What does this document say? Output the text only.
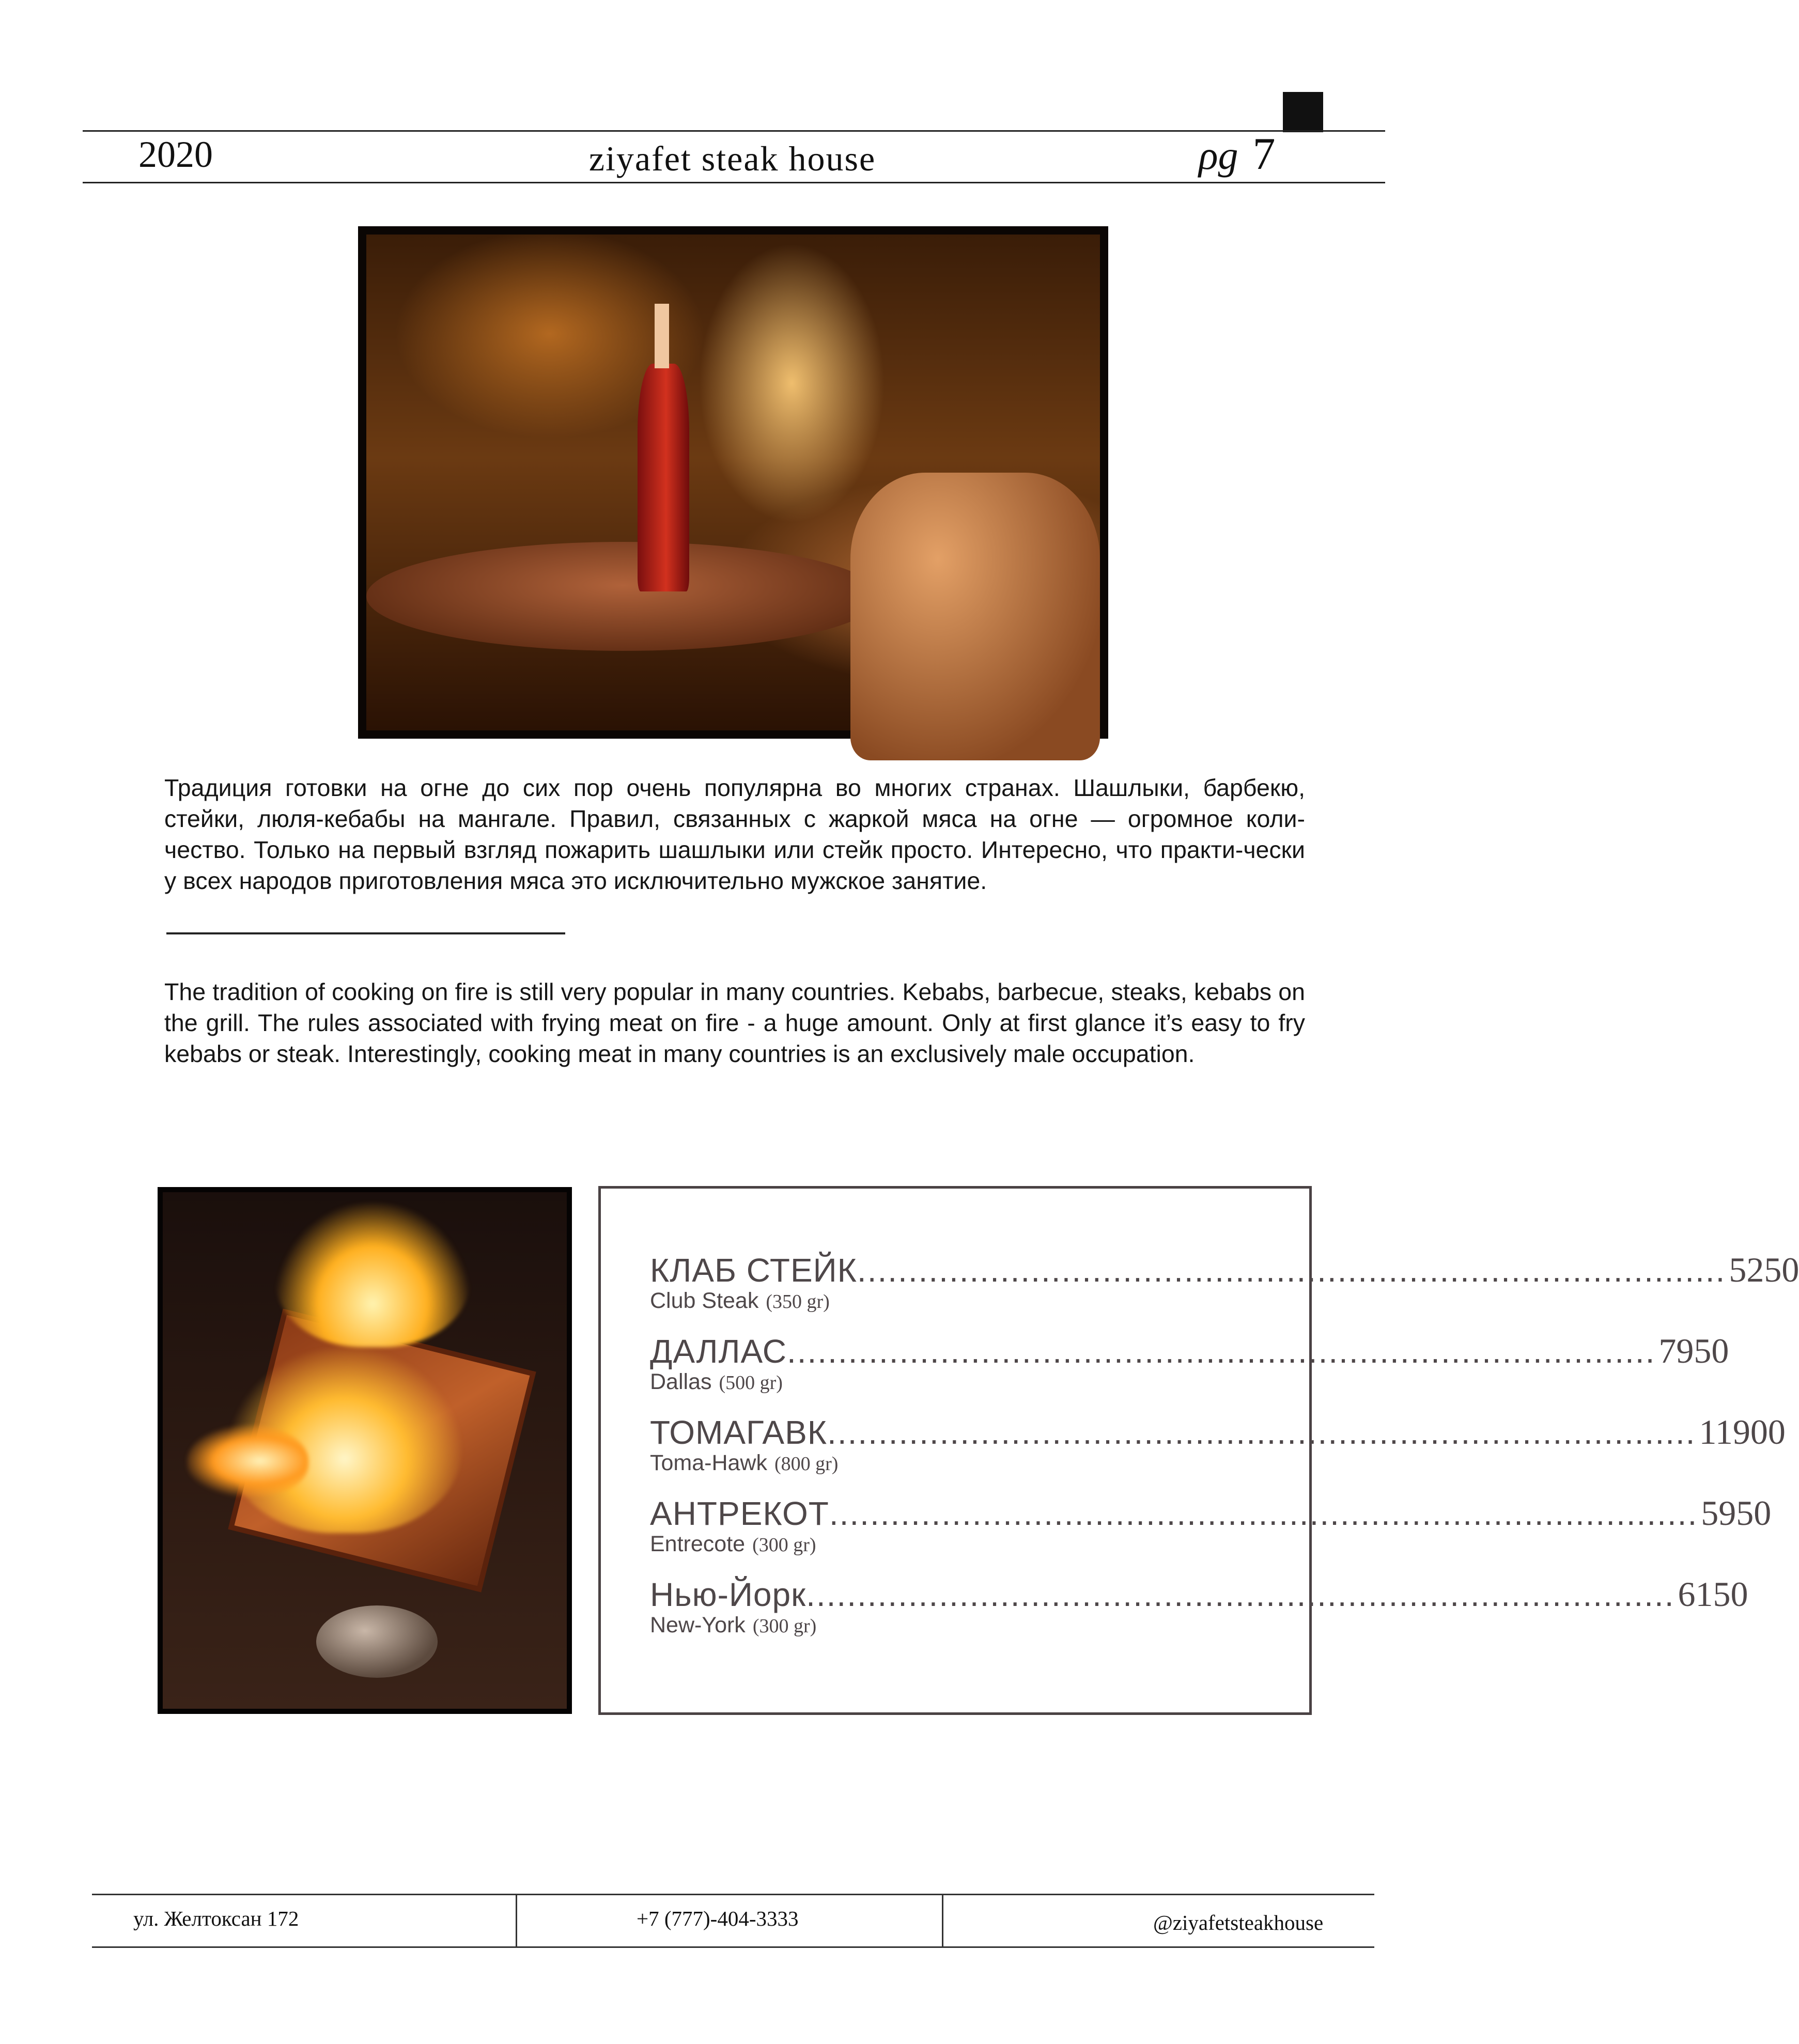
2020	ziyafet steak house	ρg 7
Традиция готовки на огне до сих пор очень популярна во многих странах. Шашлыки, барбекю, стейки, люля-кебабы на мангале. Правил, связанных с жаркой мяса на огне — огромное коли-чество. Только на первый взгляд пожарить шашлыки или стейк просто. Интересно, что практи-чески у всех народов приготовления мяса это исключительно мужское занятие.
The tradition of cooking on fire is still very popular in many countries. Kebabs, barbecue, steaks, kebabs on the grill. The rules associated with frying meat on fire - a huge amount. Only at first glance it’s easy to fry kebabs or steak. Interestingly, cooking meat in many countries is an exclusively male occupation.
КЛАБ СТЕЙК ..................................................................................... 5250
Club Steak (350 gr)
ДАЛЛАС ..................................................................................... 7950
Dallas (500 gr)
ТОМАГАВК ..................................................................................... 11900
Toma-Hawk (800 gr)
АНТРЕКОТ ..................................................................................... 5950
Entrecote (300 gr)
Нью-Йорк ..................................................................................... 6150
New-York (300 gr)
ул. Желтоксан 172	+7 (777)-404-3333	@ziyafetsteakhouse
